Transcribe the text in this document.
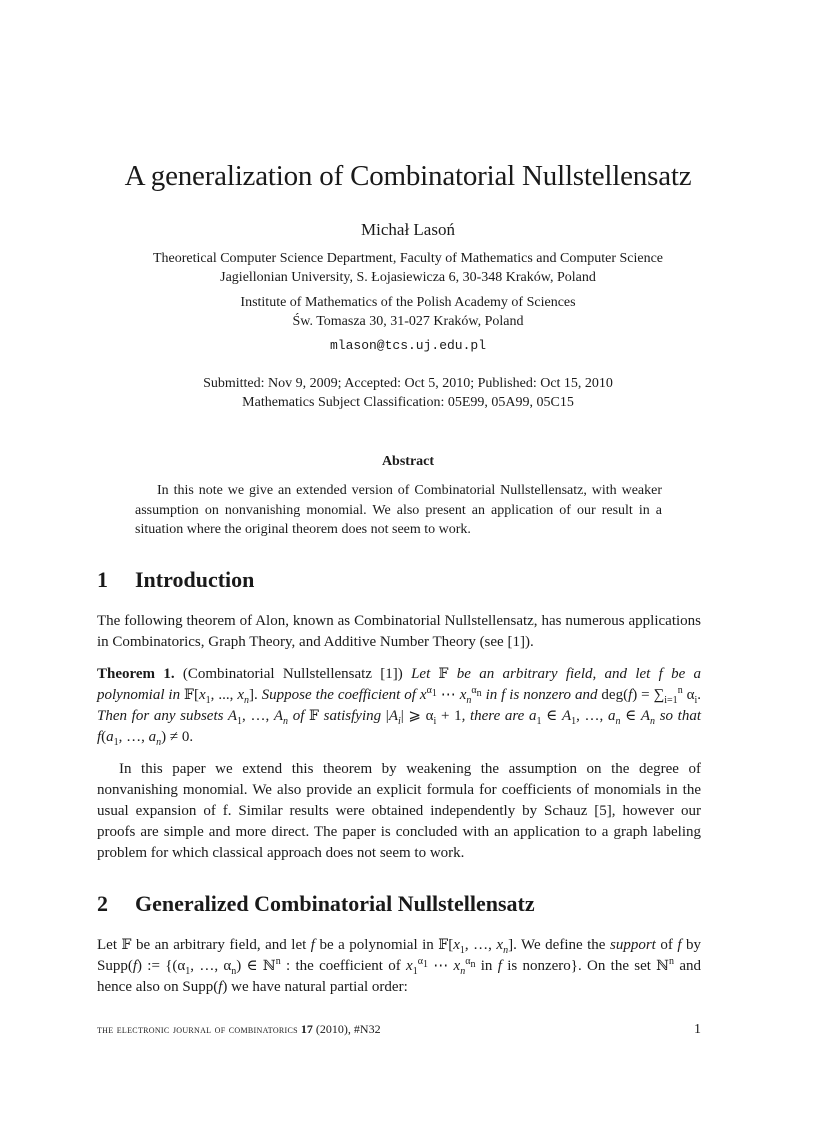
A generalization of Combinatorial Nullstellensatz
Michał Lasoń
Theoretical Computer Science Department, Faculty of Mathematics and Computer Science
Jagiellonian University, S. Łojasiewicza 6, 30-348 Kraków, Poland
Institute of Mathematics of the Polish Academy of Sciences
Św. Tomasza 30, 31-027 Kraków, Poland
mlason@tcs.uj.edu.pl
Submitted: Nov 9, 2009; Accepted: Oct 5, 2010; Published: Oct 15, 2010
Mathematics Subject Classification: 05E99, 05A99, 05C15
Abstract

In this note we give an extended version of Combinatorial Nullstellensatz, with weaker assumption on nonvanishing monomial. We also present an application of our result in a situation where the original theorem does not seem to work.

1 Introduction

The following theorem of Alon, known as Combinatorial Nullstellensatz, has numerous applications in Combinatorics, Graph Theory, and Additive Number Theory (see [1]).

Theorem 1. (Combinatorial Nullstellensatz [1]) Let 𝔽 be an arbitrary field, and let f be a polynomial in $𝔽[x_1$, ..., $x_n$]. Suppose the coefficient of $x^{\alpha_1}$ ⋯ $x_n^{\alpha_n}$ in f is nonzero and $deg(f) = \sum_{i=1}^n$ $\alpha_i$. Then for any subsets $A_1$, …, $A_n$ of 𝔽 satisfying $|A_i|$ ⩾ $\alpha_i + 1$, there are $a_1$ ∈ $A_1$, …, $a_n$ ∈ $A_n$ so that $f(a_1$, …, $a_n) \ne 0$.

In this paper we extend this theorem by weakening the assumption on the degree of nonvanishing monomial. We also provide an explicit formula for coefficients of monomials in the usual expansion of f. Similar results were obtained independently by Schauz [5], however our proofs are simple and more direct. The paper is concluded with an application to a graph labeling problem for which classical approach does not seem to work.

2 Generalized Combinatorial Nullstellensatz

Let 𝔽 be an arbitrary field, and let f be a polynomial in $𝔽[x_1$, …, $x_n$]. We define the support of f by Supp(f) := {($\alpha_1$, …, $\alpha_n$) ∈ ℕ$^n$ : the coefficient of $x_1^{\alpha_1}$ ⋯ $x_n^{\alpha_n}$ in f is nonzero}. On the set ℕ$^n$ and hence also on Supp(f) we have natural partial order:

the electronic journal of combinatorics 17 (2010), #N32	1
